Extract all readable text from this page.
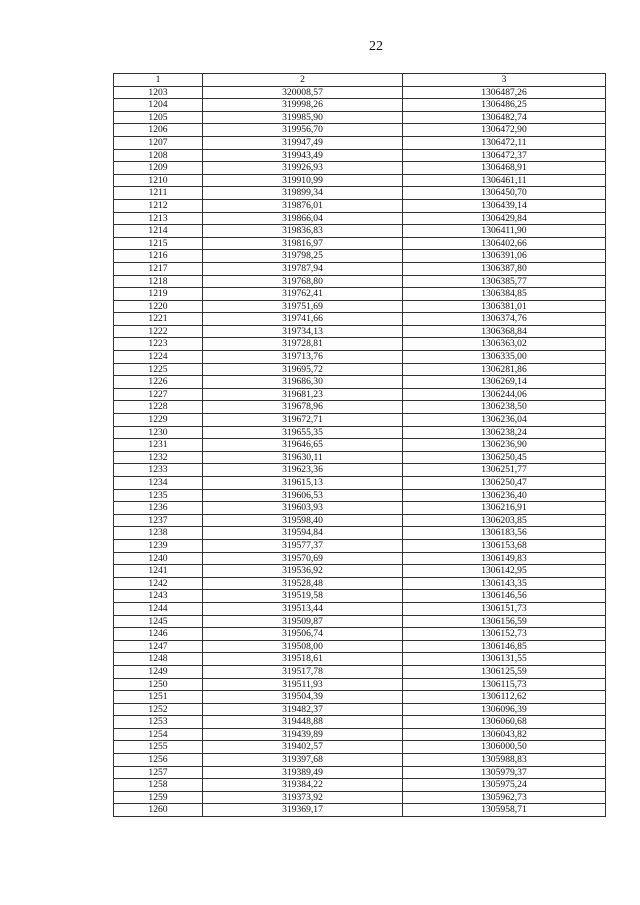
22
1	2	3
1203	320008,57	1306487,26
1204	319998,26	1306486,25
1205	319985,90	1306482,74
1206	319956,70	1306472,90
1207	319947,49	1306472,11
1208	319943,49	1306472,37
1209	319926,93	1306468,91
1210	319910,99	1306461,11
1211	319899,34	1306450,70
1212	319876,01	1306439,14
1213	319866,04	1306429,84
1214	319836,83	1306411,90
1215	319816,97	1306402,66
1216	319798,25	1306391,06
1217	319787,94	1306387,80
1218	319768,80	1306385,77
1219	319762,41	1306384,85
1220	319751,69	1306381,01
1221	319741,66	1306374,76
1222	319734,13	1306368,84
1223	319728,81	1306363,02
1224	319713,76	1306335,00
1225	319695,72	1306281,86
1226	319686,30	1306269,14
1227	319681,23	1306244,06
1228	319678,96	1306238,50
1229	319672,71	1306236,04
1230	319655,35	1306238,24
1231	319646,65	1306236,90
1232	319630,11	1306250,45
1233	319623,36	1306251,77
1234	319615,13	1306250,47
1235	319606,53	1306236,40
1236	319603,93	1306216,91
1237	319598,40	1306203,85
1238	319594,84	1306183,56
1239	319577,37	1306153,68
1240	319570,69	1306149,83
1241	319536,92	1306142,95
1242	319528,48	1306143,35
1243	319519,58	1306146,56
1244	319513,44	1306151,73
1245	319509,87	1306156,59
1246	319506,74	1306152,73
1247	319508,00	1306146,85
1248	319518,61	1306131,55
1249	319517,78	1306125,59
1250	319511,93	1306115,73
1251	319504,39	1306112,62
1252	319482,37	1306096,39
1253	319448,88	1306060,68
1254	319439,89	1306043,82
1255	319402,57	1306000,50
1256	319397,68	1305988,83
1257	319389,49	1305979,37
1258	319384,22	1305975,24
1259	319373,92	1305962,73
1260	319369,17	1305958,71
